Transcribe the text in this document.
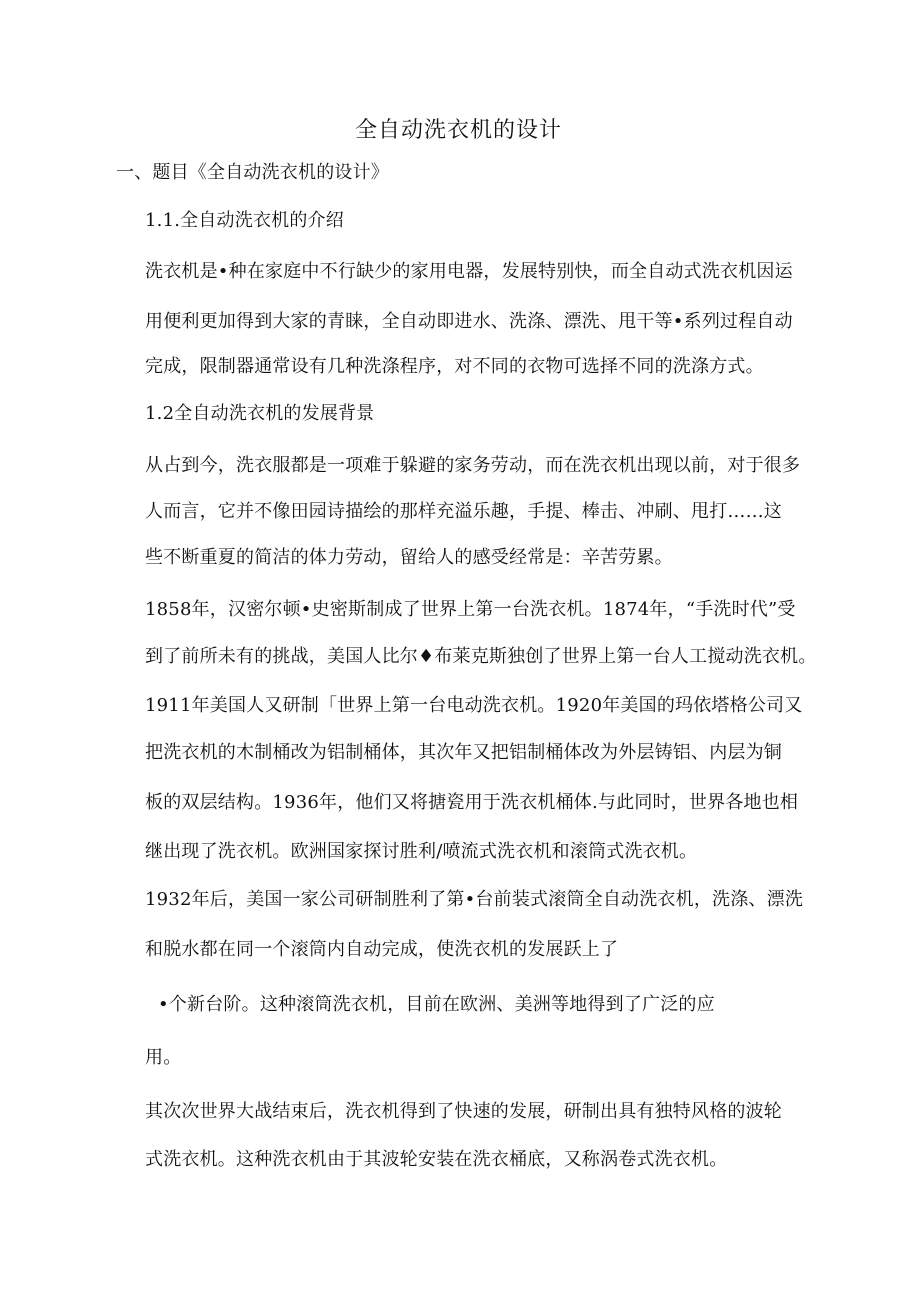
全自动洗衣机的设计
一、题目《全自动洗衣机的设计》
1.1.全自动洗衣机的介绍
洗衣机是•种在家庭中不行缺少的家用电器，发展特别快，而全自动式洗衣机因运
用便利更加得到大家的青睐，全自动即进水、洗涤、漂洗、甩干等•系列过程自动
完成，限制器通常设有几种洗涤程序，对不同的衣物可选择不同的洗涤方式。
1.2全自动洗衣机的发展背景
从占到今，洗衣服都是一项难于躲避的家务劳动，而在洗衣机出现以前，对于很多
人而言，它并不像田园诗描绘的那样充溢乐趣，手提、棒击、冲刷、甩打……这
些不断重夏的简洁的体力劳动，留给人的感受经常是：辛苦劳累。
1858年，汉密尔顿•史密斯制成了世界上第一台洗衣机。1874年，“手洗时代”受
到了前所未有的挑战，美国人比尔♦布莱克斯独创了世界上第一台人工搅动洗衣机。
1911年美国人又研制「世界上第一台电动洗衣机。1920年美国的玛依塔格公司又
把洗衣机的木制桶改为铝制桶体，其次年又把铝制桶体改为外层铸铝、内层为铜
板的双层结构。1936年，他们又将搪瓷用于洗衣机桶体.与此同时，世界各地也相
继出现了洗衣机。欧洲国家探讨胜利/喷流式洗衣机和滚筒式洗衣机。
1932年后，美国一家公司研制胜利了第•台前装式滚筒全自动洗衣机，洗涤、漂洗
和脱水都在同一个滚筒内自动完成，使洗衣机的发展跃上了
•个新台阶。这种滚筒洗衣机，目前在欧洲、美洲等地得到了广泛的应
用。
其次次世界大战结束后，洗衣机得到了快速的发展，研制出具有独特风格的波轮
式洗衣机。这种洗衣机由于其波轮安装在洗衣桶底，又称涡卷式洗衣机。
